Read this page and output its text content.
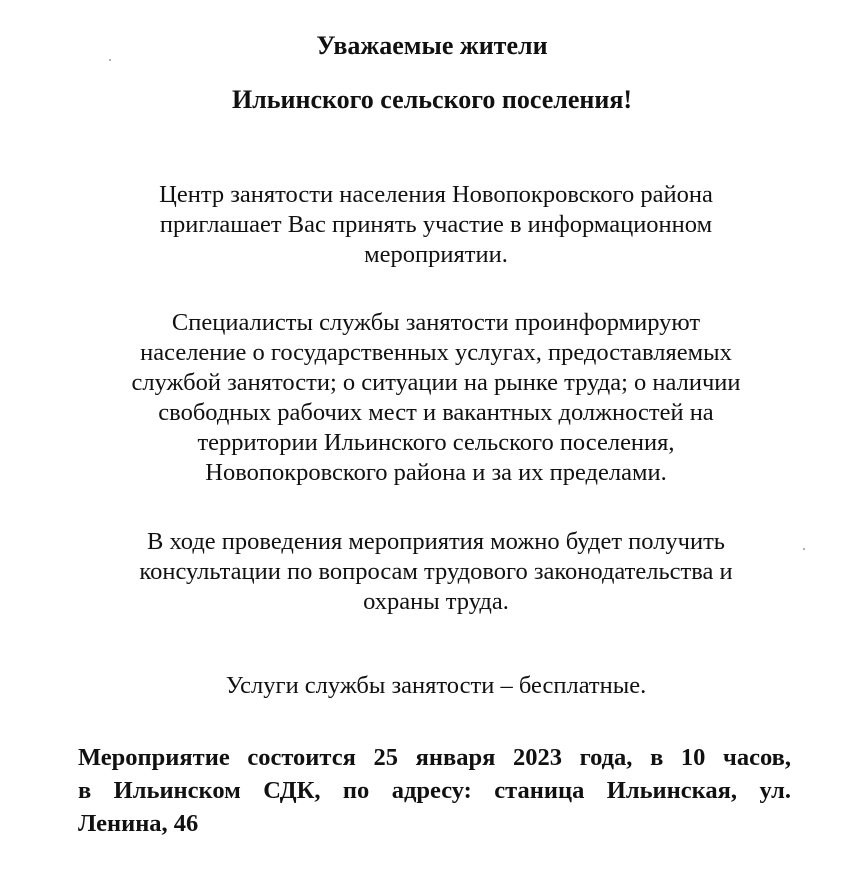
Уважаемые жители
Ильинского сельского поселения!

Центр занятости населения Новопокровского района
приглашает Вас принять участие в информационном
мероприятии.

Специалисты службы занятости проинформируют
население о государственных услугах, предоставляемых
службой занятости; о ситуации на рынке труда; о наличии
свободных рабочих мест и вакантных должностей на
территории Ильинского сельского поселения,
Новопокровского района и за их пределами.

В ходе проведения мероприятия можно будет получить
консультации по вопросам трудового законодательства и
охраны труда.

Услуги службы занятости – бесплатные.

Мероприятие состоится 25 января 2023 года, в 10 часов,
в Ильинском СДК, по адресу: станица Ильинская, ул.
Ленина, 46
